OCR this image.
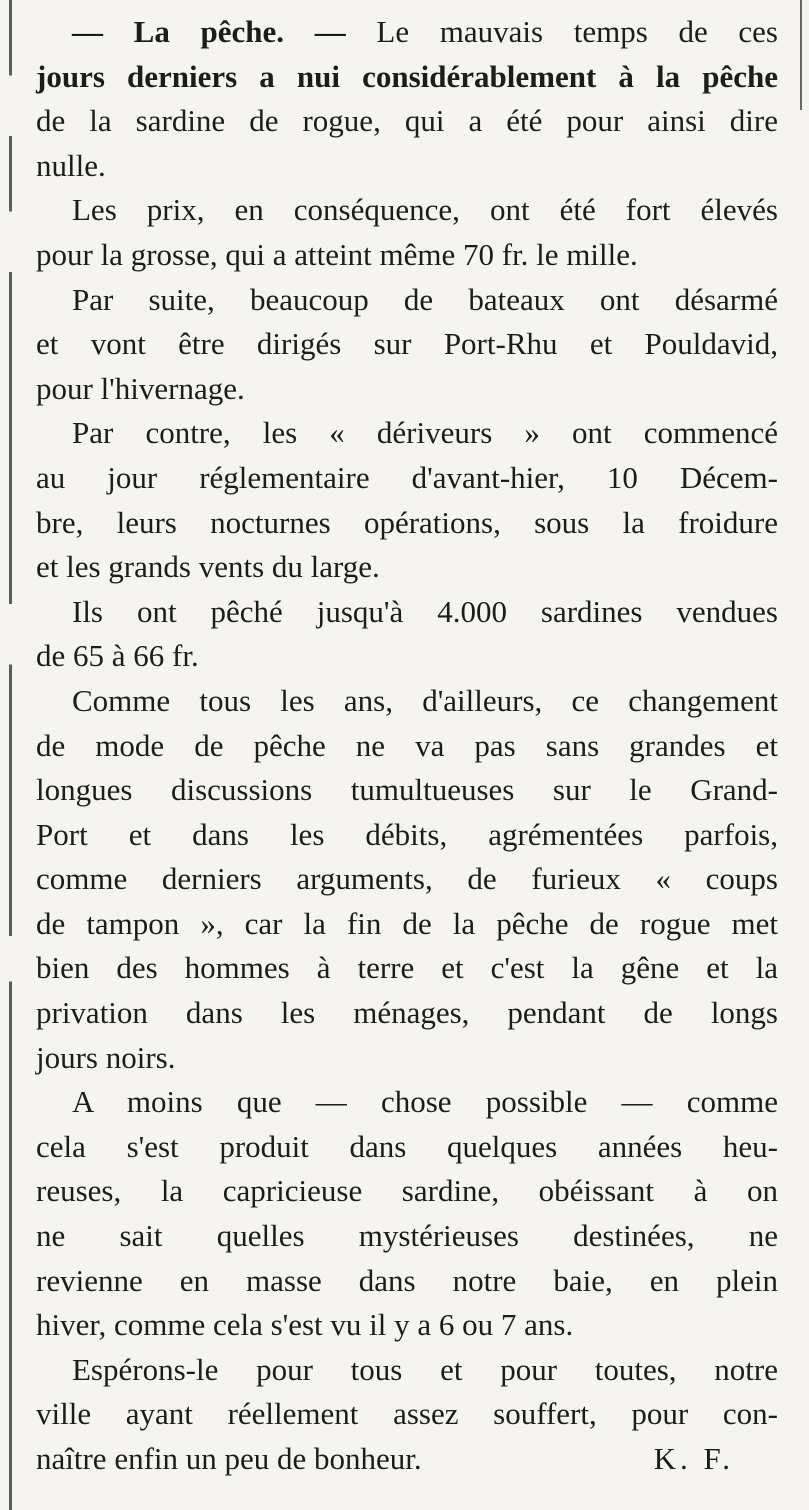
— La pêche. — Le mauvais temps de ces
jours derniers a nui considérablement à la pêche
de la sardine de rogue, qui a été pour ainsi dire
nulle.
Les prix, en conséquence, ont été fort élevés
pour la grosse, qui a atteint même 70 fr. le mille.
Par suite, beaucoup de bateaux ont désarmé
et vont être dirigés sur Port-Rhu et Pouldavid,
pour l'hivernage.
Par contre, les « dériveurs » ont commencé
au jour réglementaire d'avant-hier, 10 Décem-
bre, leurs nocturnes opérations, sous la froidure
et les grands vents du large.
Ils ont pêché jusqu'à 4.000 sardines vendues
de 65 à 66 fr.
Comme tous les ans, d'ailleurs, ce changement
de mode de pêche ne va pas sans grandes et
longues discussions tumultueuses sur le Grand-
Port et dans les débits, agrémentées parfois,
comme derniers arguments, de furieux « coups
de tampon », car la fin de la pêche de rogue met
bien des hommes à terre et c'est la gêne et la
privation dans les ménages, pendant de longs
jours noirs.
A moins que — chose possible — comme
cela s'est produit dans quelques années heu-
reuses, la capricieuse sardine, obéissant à on
ne sait quelles mystérieuses destinées, ne
revienne en masse dans notre baie, en plein
hiver, comme cela s'est vu il y a 6 ou 7 ans.
Espérons-le pour tous et pour toutes, notre
ville ayant réellement assez souffert, pour con-
naître enfin un peu de bonheur.	K. F.
